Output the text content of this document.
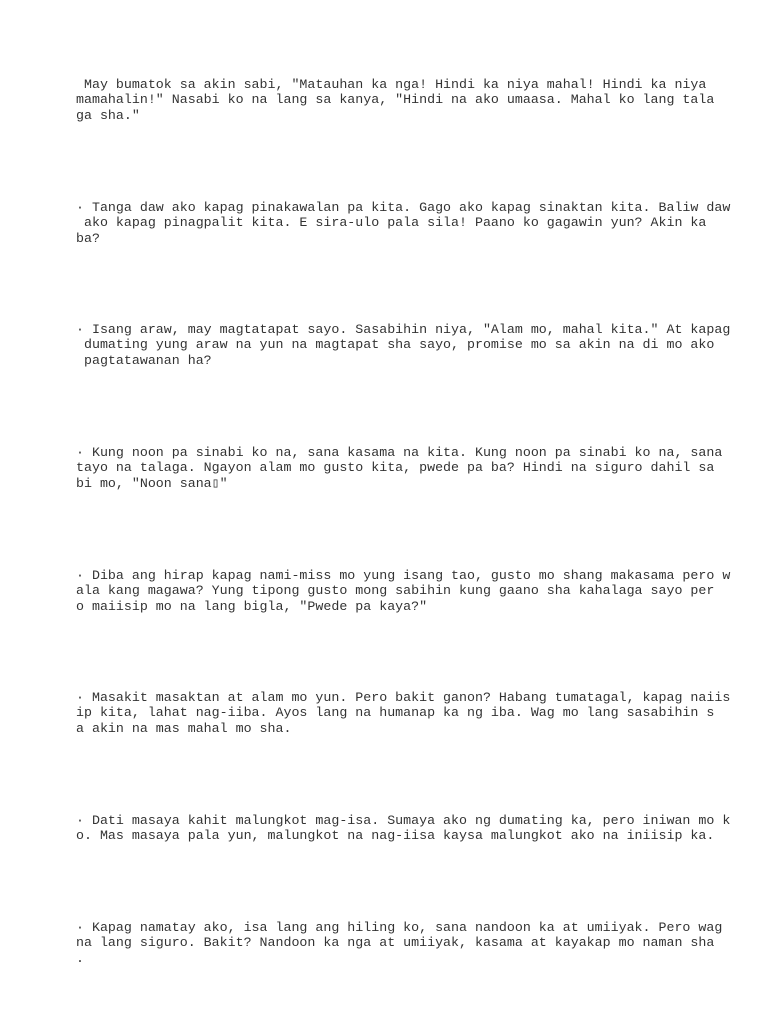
May bumatok sa akin sabi, "Matauhan ka nga! Hindi ka niya mahal! Hindi ka niya

mamahalin!" Nasabi ko na lang sa kanya, "Hindi na ako umaasa. Mahal ko lang tala

ga sha."

· Tanga daw ako kapag pinakawalan pa kita. Gago ako kapag sinaktan kita. Baliw daw

ako kapag pinagpalit kita. E sira-ulo pala sila! Paano ko gagawin yun? Akin ka

ba?

· Isang araw, may magtatapat sayo. Sasabihin niya, "Alam mo, mahal kita." At kapag

dumating yung araw na yun na magtapat sha sayo, promise mo sa akin na di mo ako

pagtatawanan ha?

· Kung noon pa sinabi ko na, sana kasama na kita. Kung noon pa sinabi ko na, sana

tayo na talaga. Ngayon alam mo gusto kita, pwede pa ba? Hindi na siguro dahil sa

bi mo, "Noon sana▯"

· Diba ang hirap kapag nami-miss mo yung isang tao, gusto mo shang makasama pero w

ala kang magawa? Yung tipong gusto mong sabihin kung gaano sha kahalaga sayo per

o maiisip mo na lang bigla, "Pwede pa kaya?"

· Masakit masaktan at alam mo yun. Pero bakit ganon? Habang tumatagal, kapag naiis

ip kita, lahat nag-iiba. Ayos lang na humanap ka ng iba. Wag mo lang sasabihin s

a akin na mas mahal mo sha.

· Dati masaya kahit malungkot mag-isa. Sumaya ako ng dumating ka, pero iniwan mo k

o. Mas masaya pala yun, malungkot na nag-iisa kaysa malungkot ako na iniisip ka.

· Kapag namatay ako, isa lang ang hiling ko, sana nandoon ka at umiiyak. Pero wag

na lang siguro. Bakit? Nandoon ka nga at umiiyak, kasama at kayakap mo naman sha

.
